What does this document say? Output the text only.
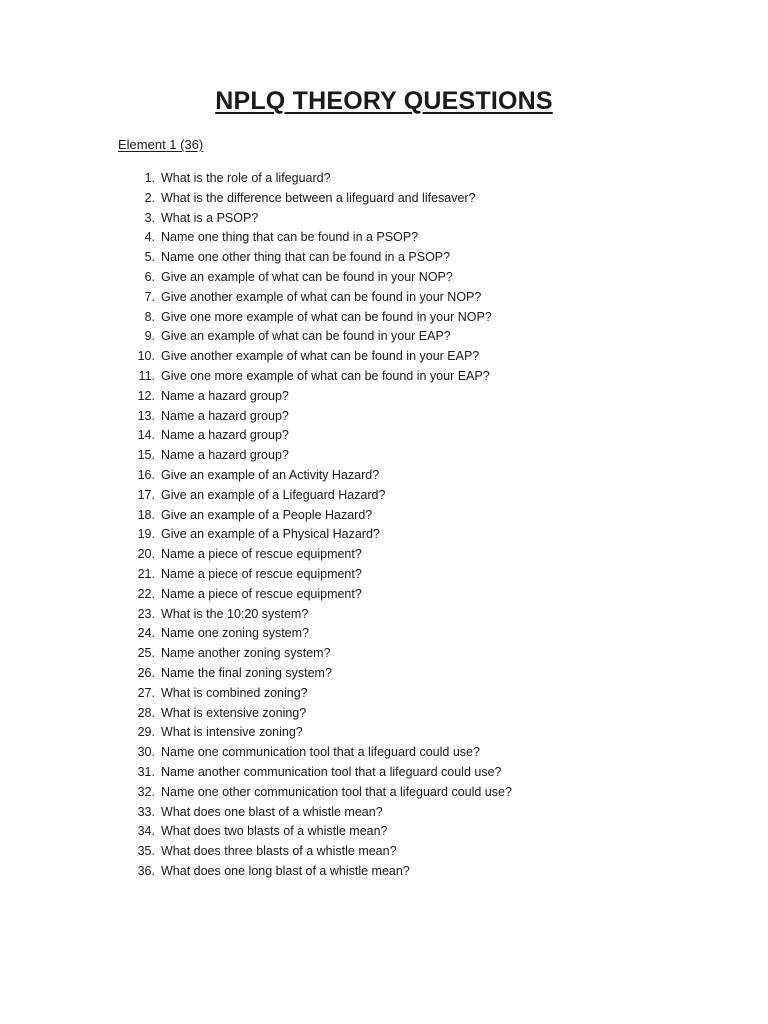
NPLQ THEORY QUESTIONS
Element 1 (36)
1. What is the role of a lifeguard?
2. What is the difference between a lifeguard and lifesaver?
3. What is a PSOP?
4. Name one thing that can be found in a PSOP?
5. Name one other thing that can be found in a PSOP?
6. Give an example of what can be found in your NOP?
7. Give another example of what can be found in your NOP?
8. Give one more example of what can be found in your NOP?
9. Give an example of what can be found in your EAP?
10. Give another example of what can be found in your EAP?
11. Give one more example of what can be found in your EAP?
12. Name a hazard group?
13. Name a hazard group?
14. Name a hazard group?
15. Name a hazard group?
16. Give an example of an Activity Hazard?
17. Give an example of a Lifeguard Hazard?
18. Give an example of a People Hazard?
19. Give an example of a Physical Hazard?
20. Name a piece of rescue equipment?
21. Name a piece of rescue equipment?
22. Name a piece of rescue equipment?
23. What is the 10:20 system?
24. Name one zoning system?
25. Name another zoning system?
26. Name the final zoning system?
27. What is combined zoning?
28. What is extensive zoning?
29. What is intensive zoning?
30. Name one communication tool that a lifeguard could use?
31. Name another communication tool that a lifeguard could use?
32. Name one other communication tool that a lifeguard could use?
33. What does one blast of a whistle mean?
34. What does two blasts of a whistle mean?
35. What does three blasts of a whistle mean?
36. What does one long blast of a whistle mean?
